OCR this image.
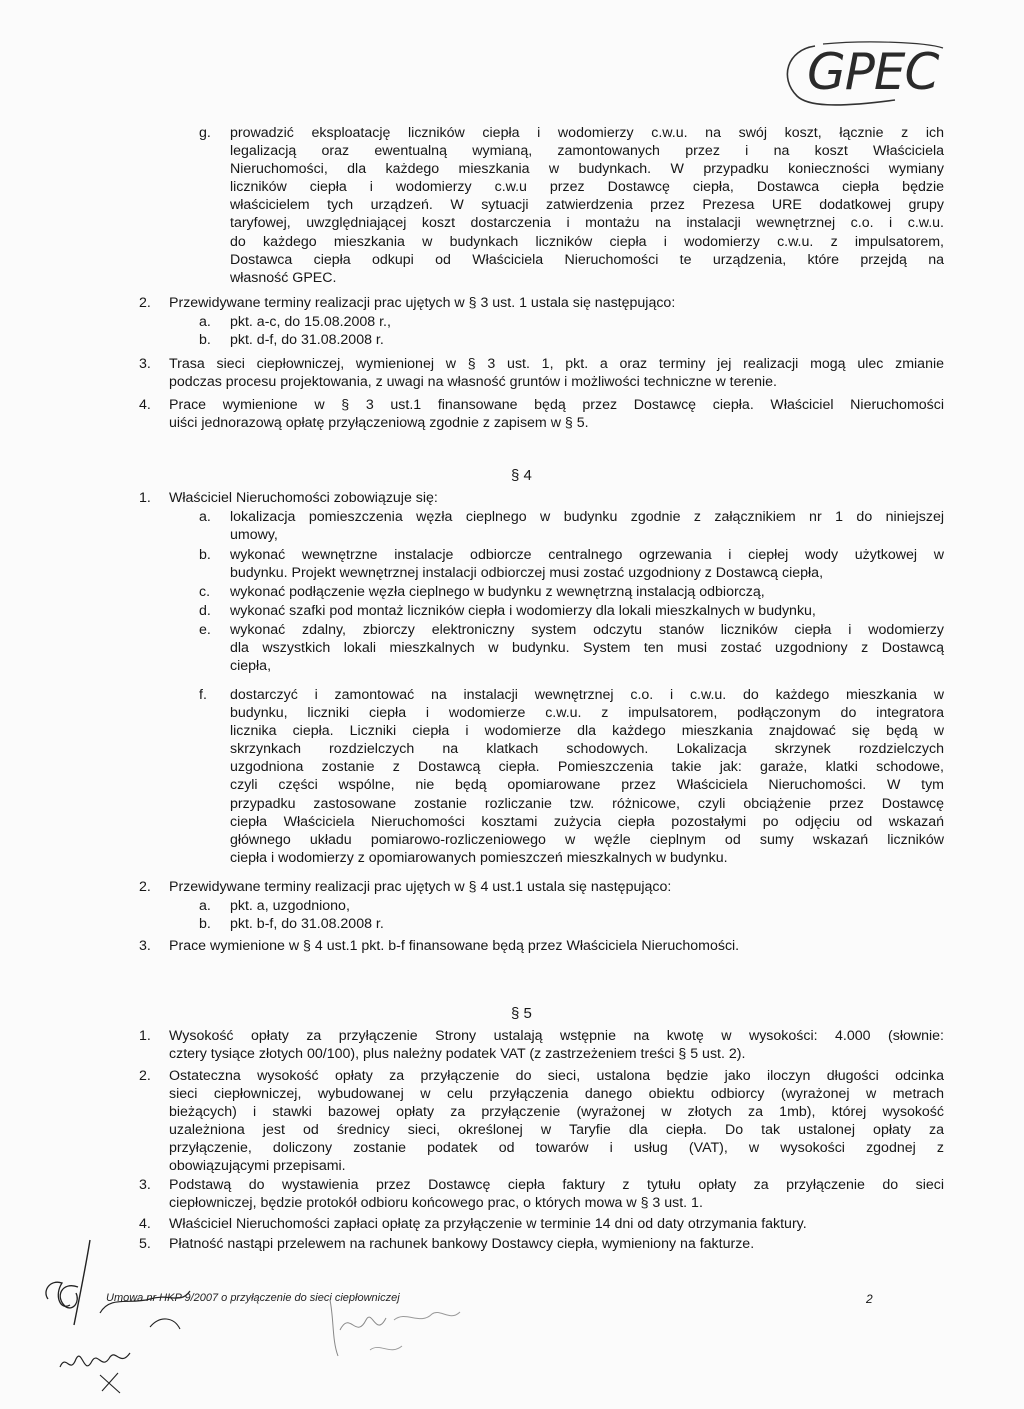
GPEC
g. prowadzić eksploatację liczników ciepła i wodomierzy c.w.u. na swój koszt, łącznie z ich

legalizacją oraz ewentualną wymianą, zamontowanych przez i na koszt Właściciela

Nieruchomości, dla każdego mieszkania w budynkach. W przypadku konieczności wymiany

liczników ciepła i wodomierzy c.w.u przez Dostawcę ciepła, Dostawca ciepła będzie

właścicielem tych urządzeń. W sytuacji zatwierdzenia przez Prezesa URE dodatkowej grupy

taryfowej, uwzględniającej koszt dostarczenia i montażu na instalacji wewnętrznej c.o. i c.w.u.

do każdego mieszkania w budynkach liczników ciepła i wodomierzy c.w.u. z impulsatorem,

Dostawca ciepła odkupi od Właściciela Nieruchomości te urządzenia, które przejdą na

własność GPEC.

2. Przewidywane terminy realizacji prac ujętych w § 3 ust. 1 ustala się następująco:
a. pkt. a-c, do 15.08.2008 r.,
b. pkt. d-f, do 31.08.2008 r.
3. Trasa sieci ciepłowniczej, wymienionej w § 3 ust. 1, pkt. a oraz terminy jej realizacji mogą ulec zmianie

podczas procesu projektowania, z uwagi na własność gruntów i możliwości techniczne w terenie.

4. Prace wymienione w § 3 ust.1 finansowane będą przez Dostawcę ciepła. Właściciel Nieruchomości

uiści jednorazową opłatę przyłączeniową zgodnie z zapisem w § 5.

§ 4
1. Właściciel Nieruchomości zobowiązuje się:
a. lokalizacja pomieszczenia węzła cieplnego w budynku zgodnie z załącznikiem nr 1 do niniejszej

umowy,

b. wykonać wewnętrzne instalacje odbiorcze centralnego ogrzewania i ciepłej wody użytkowej w

budynku. Projekt wewnętrznej instalacji odbiorczej musi zostać uzgodniony z Dostawcą ciepła,

c. wykonać podłączenie węzła cieplnego w budynku z wewnętrzną instalacją odbiorczą,

d. wykonać szafki pod montaż liczników ciepła i wodomierzy dla lokali mieszkalnych w budynku,

e. wykonać zdalny, zbiorczy elektroniczny system odczytu stanów liczników ciepła i wodomierzy

dla wszystkich lokali mieszkalnych w budynku. System ten musi zostać uzgodniony z Dostawcą

ciepła,

f. dostarczyć i zamontować na instalacji wewnętrznej c.o. i c.w.u. do każdego mieszkania w

budynku, liczniki ciepła i wodomierze c.w.u. z impulsatorem, podłączonym do integratora

licznika ciepła. Liczniki ciepła i wodomierze dla każdego mieszkania znajdować się będą w

skrzynkach rozdzielczych na klatkach schodowych. Lokalizacja skrzynek rozdzielczych

uzgodniona zostanie z Dostawcą ciepła. Pomieszczenia takie jak: garaże, klatki schodowe,

czyli części wspólne, nie będą opomiarowane przez Właściciela Nieruchomości. W tym

przypadku zastosowane zostanie rozliczanie tzw. różnicowe, czyli obciążenie przez Dostawcę

ciepła Właściciela Nieruchomości kosztami zużycia ciepła pozostałymi po odjęciu od wskazań

głównego układu pomiarowo-rozliczeniowego w węźle cieplnym od sumy wskazań liczników

ciepła i wodomierzy z opomiarowanych pomieszczeń mieszkalnych w budynku.

2. Przewidywane terminy realizacji prac ujętych w § 4 ust.1 ustala się następująco:
a. pkt. a, uzgodniono,
b. pkt. b-f, do 31.08.2008 r.
3. Prace wymienione w § 4 ust.1 pkt. b-f finansowane będą przez Właściciela Nieruchomości.
§ 5
1. Wysokość opłaty za przyłączenie Strony ustalają wstępnie na kwotę w wysokości: 4.000 (słownie:

cztery tysiące złotych 00/100), plus należny podatek VAT (z zastrzeżeniem treści § 5 ust. 2).

2. Ostateczna wysokość opłaty za przyłączenie do sieci, ustalona będzie jako iloczyn długości odcinka

sieci ciepłowniczej, wybudowanej w celu przyłączenia danego obiektu odbiorcy (wyrażonej w metrach

bieżących) i stawki bazowej opłaty za przyłączenie (wyrażonej w złotych za 1mb), której wysokość

uzależniona jest od średnicy sieci, określonej w Taryfie dla ciepła. Do tak ustalonej opłaty za

przyłączenie, doliczony zostanie podatek od towarów i usług (VAT), w wysokości zgodnej z

obowiązującymi przepisami.

3. Podstawą do wystawienia przez Dostawcę ciepła faktury z tytułu opłaty za przyłączenie do sieci

ciepłowniczej, będzie protokół odbioru końcowego prac, o których mowa w § 3 ust. 1.

4. Właściciel Nieruchomości zapłaci opłatę za przyłączenie w terminie 14 dni od daty otrzymania faktury.

5. Płatność nastąpi przelewem na rachunek bankowy Dostawcy ciepła, wymieniony na fakturze.

Umowa nr HKP 9/2007 o przyłączenie do sieci ciepłowniczej	2
